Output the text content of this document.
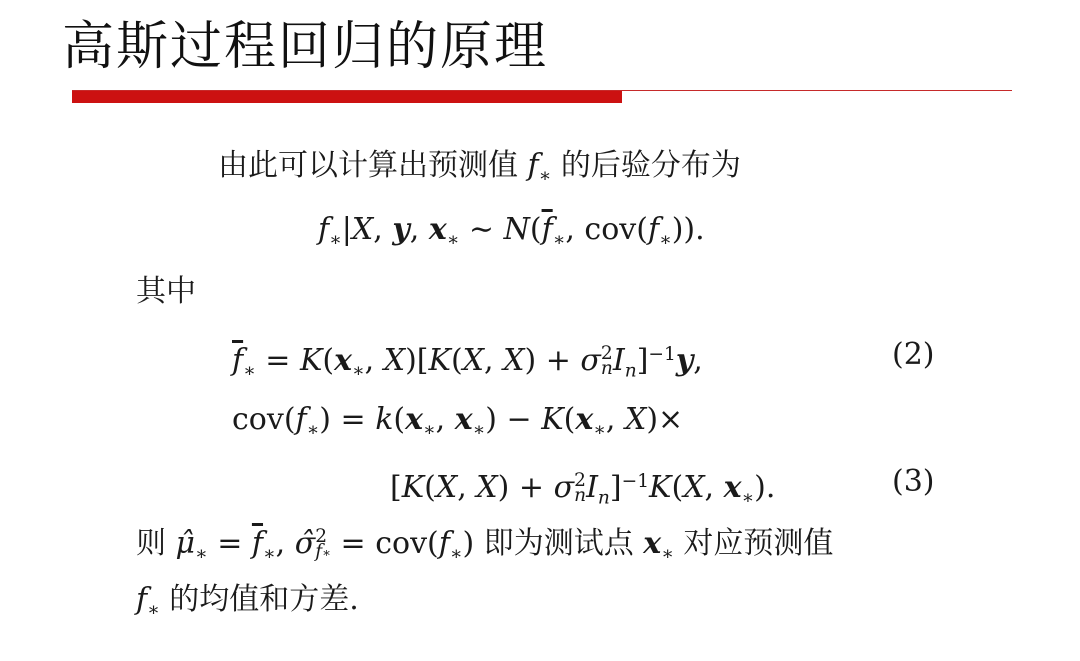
高斯过程回归的原理
由此可以计算出预测值 $f_∗$ 的后验分布为
$f_∗|X$, y, $x_∗$ ∼ $N(\overline{f}_∗$, $cov(f_∗)$).
其中
$\overline{f}_∗ = K(x_∗$, X)[K(X, X) + σ 2
n $I_n]^{-1}y$,	(2)
$cov(f_∗) = k(x_∗$, $x_∗) - K(x_∗$, X)×
[K(X, X) + σ 2
n $I_n]^{-1}K(X$, $x_∗$).	(3)
则 $\mû_∗ = \overline{f}_∗$, σ̂ 2
f∗ = $cov(f_∗)$ 即为测试点 $x_∗$ 对应预测值
$f_∗$ 的均值和方差.
